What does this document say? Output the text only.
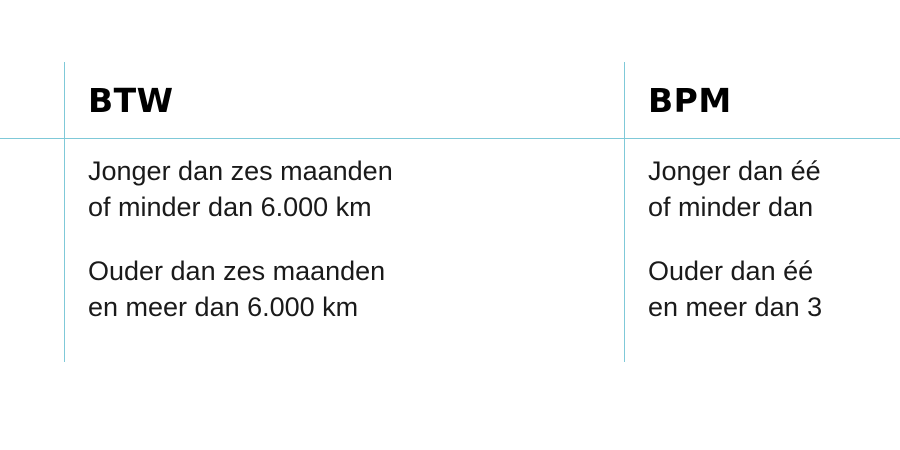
BTW
Jonger dan zes maanden
of minder dan 6.000 km
Ouder dan zes maanden
en meer dan 6.000 km
BPM
Jonger dan éé
of minder dan
Ouder dan éé
en meer dan 3
